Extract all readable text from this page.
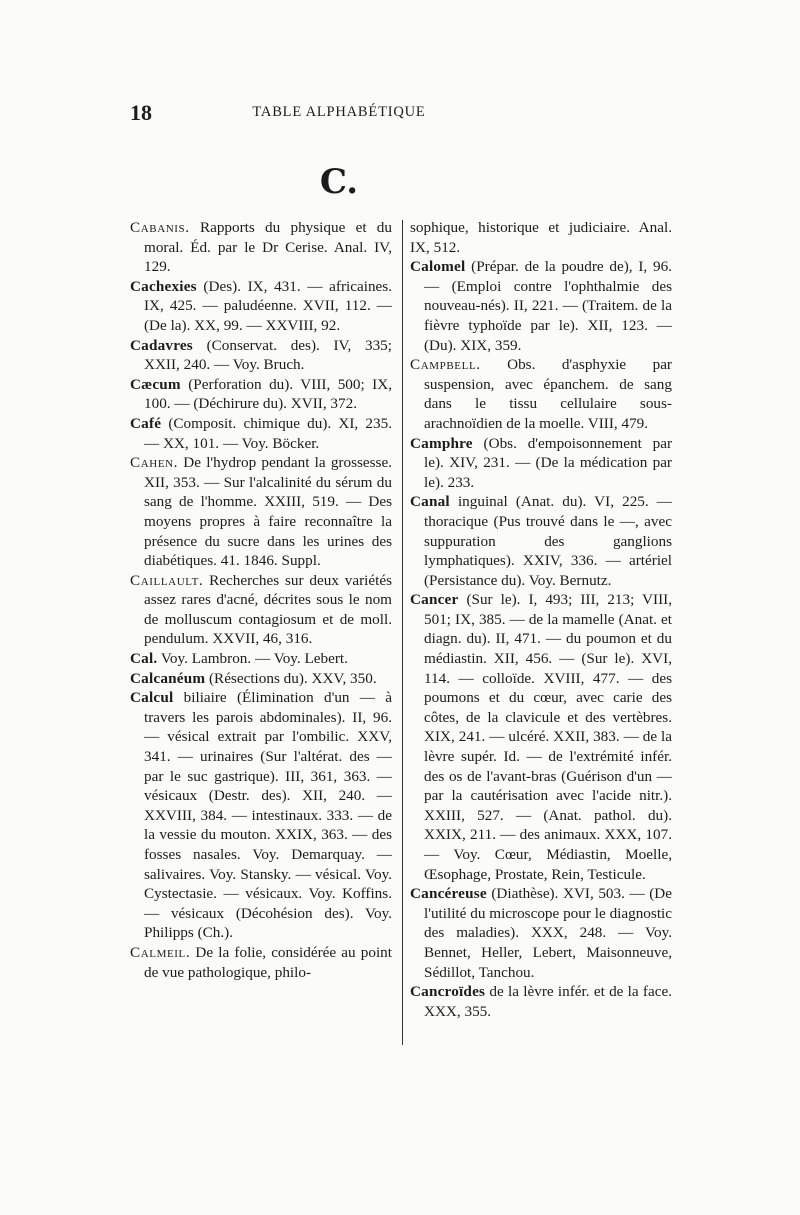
18	TABLE ALPHABÉTIQUE
C.

Cabanis. Rapports du physique et du moral. Éd. par le Dr Cerise. Anal. IV, 129.

Cachexies (Des). IX, 431. — africaines. IX, 425. — paludéenne. XVII, 112. — (De la). XX, 99. — XXVIII, 92.

Cadavres (Conservat. des). IV, 335; XXII, 240. — Voy. Bruch.

Cæcum (Perforation du). VIII, 500; IX, 100. — (Déchirure du). XVII, 372.

Café (Composit. chimique du). XI, 235. — XX, 101. — Voy. Böcker.

Cahen. De l'hydrop pendant la grossesse. XII, 353. — Sur l'alcalinité du sérum du sang de l'homme. XXIII, 519. — Des moyens propres à faire reconnaître la présence du sucre dans les urines des diabétiques. 41. 1846. Suppl.

Caillault. Recherches sur deux variétés assez rares d'acné, décrites sous le nom de molluscum contagiosum et de moll. pendulum. XXVII, 46, 316.

Cal. Voy. Lambron. — Voy. Lebert.

Calcanéum (Résections du). XXV, 350.

Calcul biliaire (Élimination d'un — à travers les parois abdominales). II, 96. — vésical extrait par l'ombilic. XXV, 341. — urinaires (Sur l'altérat. des — par le suc gastrique). III, 361, 363. — vésicaux (Destr. des). XII, 240. — XXVIII, 384. — intestinaux. 333. — de la vessie du mouton. XXIX, 363. — des fosses nasales. Voy. Demarquay. — salivaires. Voy. Stansky. — vésical. Voy. Cystectasie. — vésicaux. Voy. Koffins. — vésicaux (Décohésion des). Voy. Philipps (Ch.).

Calmeil. De la folie, considérée au point de vue pathologique, philo-

sophique, historique et judiciaire. Anal. IX, 512.

Calomel (Prépar. de la poudre de), I, 96. — (Emploi contre l'ophthalmie des nouveau-nés). II, 221. — (Traitem. de la fièvre typhoïde par le). XII, 123. — (Du). XIX, 359.

Campbell. Obs. d'asphyxie par suspension, avec épanchem. de sang dans le tissu cellulaire sous-arachnoïdien de la moelle. VIII, 479.

Camphre (Obs. d'empoisonnement par le). XIV, 231. — (De la médication par le). 233.

Canal inguinal (Anat. du). VI, 225. — thoracique (Pus trouvé dans le —, avec suppuration des ganglions lymphatiques). XXIV, 336. — artériel (Persistance du). Voy. Bernutz.

Cancer (Sur le). I, 493; III, 213; VIII, 501; IX, 385. — de la mamelle (Anat. et diagn. du). II, 471. — du poumon et du médiastin. XII, 456. — (Sur le). XVI, 114. — colloïde. XVIII, 477. — des poumons et du cœur, avec carie des côtes, de la clavicule et des vertèbres. XIX, 241. — ulcéré. XXII, 383. — de la lèvre supér. Id. — de l'extrémité infér. des os de l'avant-bras (Guérison d'un — par la cautérisation avec l'acide nitr.). XXIII, 527. — (Anat. pathol. du). XXIX, 211. — des animaux. XXX, 107. — Voy. Cœur, Médiastin, Moelle, Œsophage, Prostate, Rein, Testicule.

Cancéreuse (Diathèse). XVI, 503. — (De l'utilité du microscope pour le diagnostic des maladies). XXX, 248. — Voy. Bennet, Heller, Lebert, Maisonneuve, Sédillot, Tanchou.

Cancroïdes de la lèvre infér. et de la face. XXX, 355.
